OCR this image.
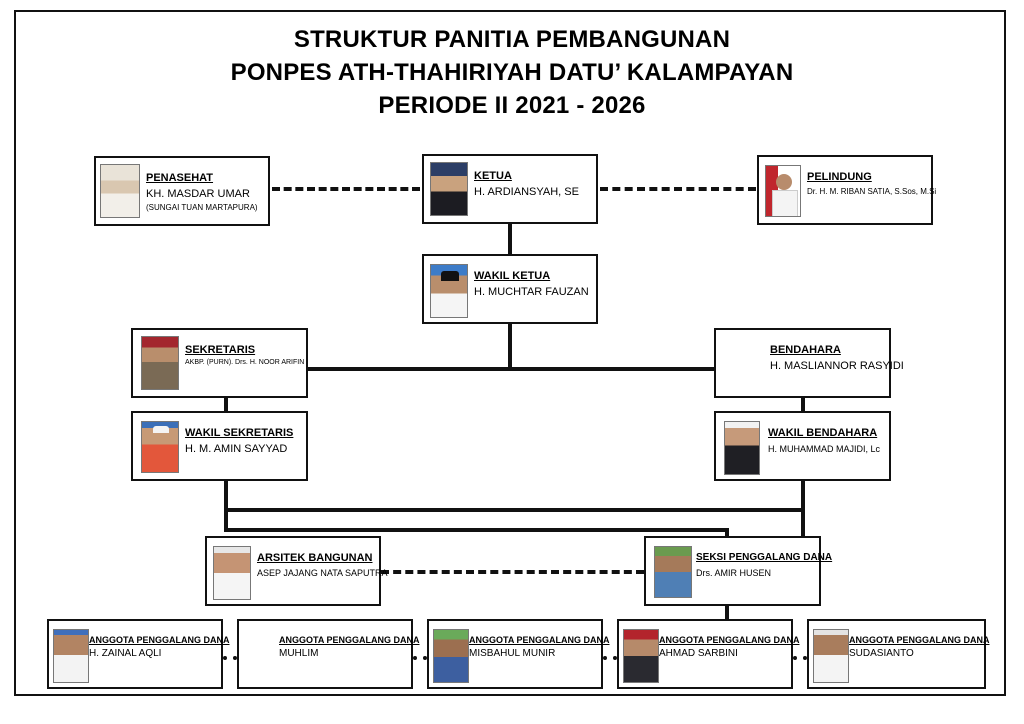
STRUKTUR PANITIA PEMBANGUNAN
PONPES ATH-THAHIRIYAH DATU’ KALAMPAYAN
PERIODE II 2021 - 2026
PENASEHAT
KH. MASDAR UMAR
(SUNGAI TUAN MARTAPURA)
KETUA
H. ARDIANSYAH, SE
PELINDUNG
Dr. H. M. RIBAN SATIA, S.Sos, M.Si
WAKIL KETUA
H. MUCHTAR FAUZAN
SEKRETARIS
AKBP. (PURN). Drs. H. NOOR ARIFIN
BENDAHARA
H. MASLIANNOR RASYIDI
WAKIL SEKRETARIS
H. M. AMIN SAYYAD
WAKIL BENDAHARA
H. MUHAMMAD MAJIDI, Lc
ARSITEK BANGUNAN
ASEP JAJANG NATA SAPUTRA
SEKSI PENGGALANG DANA
Drs. AMIR HUSEN
ANGGOTA PENGGALANG DANA
H. ZAINAL AQLI
ANGGOTA PENGGALANG DANA
MUHLIM
ANGGOTA PENGGALANG DANA
MISBAHUL MUNIR
ANGGOTA PENGGALANG DANA
AHMAD SARBINI
ANGGOTA PENGGALANG DANA
SUDASIANTO
